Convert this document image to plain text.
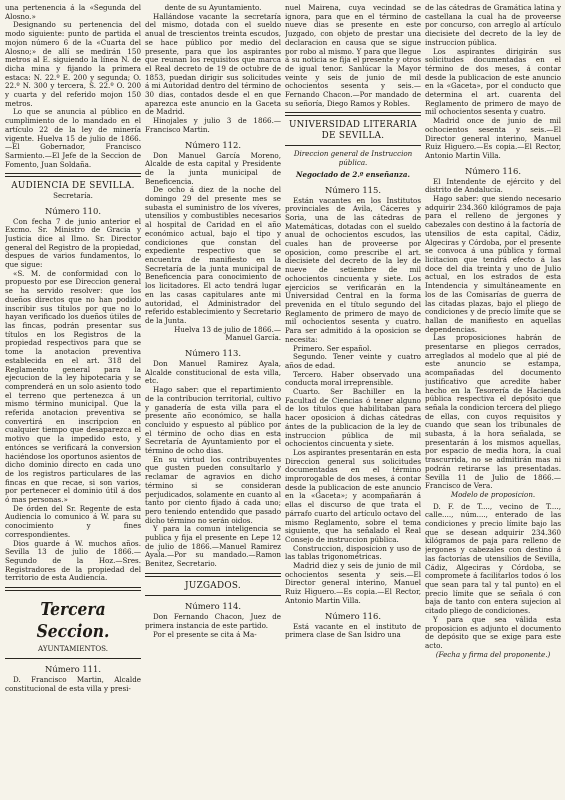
una pertenencia á la «Segunda del Alosno.»

Designando su pertenencia del modo siguiente: punto de partida el mojon número 6 de la «Cuarta del Alosno;» de allí se medirán 150 metros al E. siguiendo la línea N. de dicha mina y fijando la primera estaca: N. 22.º E. 200 y segunda; O. 22.º N. 300 y tercera, S. 22.º O. 200 y cuarta y del referido mojon 150 metros.

Lo que se anuncia al público en cumplimiento de lo mandado en el artículo 22 de la ley de minería vigente. Huelva 15 de julio de 1866.—El Gobernador, Francisco Sarmiento.—El Jefe de la Seccion de Fomento, Juan Soldaña.

AUDIENCIA DE SEVILLA.
Secretaría.
Número 110.

Con fecha 7 de junio anterior el Excmo. Sr. Ministro de Gracia y Justicia dice al Ilmo. Sr. Director general del Registro de la propiedad, despues de varios fundamentos, lo que sigue:

«S. M. de conformidad con lo propuesto por ese Direccion general se ha servido resolver: que los dueños directos que no han podido inscribir sus títulos por que no lo hayan verificado los dueños útiles de las fincas, podrán presentar sus títulos en los Registros de la propiedad respectivos para que se tome la anotacion preventiva establecida en el art. 318 del Reglamento general para la ejecucion de la ley hipotecaria y se comprenderá en un solo asiento todo el terreno que pertenezca á un mismo término municipal. Que la referida anotacion preventiva se convertirá en inscripcion en cualquier tiempo que desaparezca el motivo que la impedido esto, y entónces se verificará la conversion haciéndose los oportunos asientos de dicho dominio directo en cada uno de los registros particulares de las fincas en que recae, si son varios, por pertenecer el dominio útil á dos ó mas personas.»

De órden del Sr. Regente de esta Audiencia lo comunico á W. para su conocimiento y fines correspondientes.

Dios guarde á W. muchos años. Sevilla 13 de julio de 1866.—Segundo de la Hoz.—Sres. Registradores de la propiedad del territorio de esta Audiencia.

Tercera Seccion.
AYUNTAMIENTOS.
Número 111.

D. Francisco Martin, Alcalde constitucional de esta villa y presi-

dente de su Ayuntamiento.

Hallándose vacante la secretaría del mismo, dotada con el sueldo anual de trescientos treinta escudos, se hace público por medio del presente, para que los aspirantes que reunan los requisitos que marca el Real decreto de 19 de octubre de 1853, puedan dirigir sus solicitudes á mi Autoridad dentro del término de 30 dias, contados desde el en que aparezca este anuncio en la Gaceta de Madrid.

Hinojales y julio 3 de 1866.—Francisco Martin.

Número 112.

Don Manuel García Moreno, Alcalde de esta capital y Presidente de la junta municipal de Beneficencia.

De ocho á diez de la noche del domingo 29 del presente mes se subasta el suministro de los víveres, utensilios y combustibles necesarios al hospital de Caridad en el año económico actual, bajo el tipo y condiciones que constan del expediente respectivo que se encuentra de manifiesto en la Secretaría de la junta municipal de Beneficencia para conocimiento de los licitadores. El acto tendrá lugar en las casas capitulares ante mi autoridad, el Administrador del referido establecimiento y Secretario de la Junta.

Huelva 13 de julio de 1866.—Manuel García.

Número 113.

Don Manuel Ramirez Ayala, Alcalde constitucional de esta villa, etc.

Hago saber: que el repartimiento de la contribucion territorial, cultivo y ganadería de esta villa para el presente año económico, se halla concluido y espuesto al público por el término de ocho dias en esta Secretaría de Ayuntamiento por el término de ocho dias.

En su virtud los contribuyentes que gusten pueden consultarlo y reclamar de agravios en dicho término si se consideran perjudicados, solamente en cuanto al tanto por ciento fijado á cada uno; pero teniendo entendido que pasado dicho término no serán oidos.

Y para la comun inteligencia se publica y fija el presente en Lepe 12 de julio de 1866.—Manuel Ramirez Ayala.—Por su mandado.—Ramon Benitez, Secretario.

JUZGADOS.
Número 114.

Don Fernando Chacon, Juez de primera instancia de este partido.

Por el presente se cita á Ma-

nuel Mairena, cuya vecindad se ignora, para que en el término de nueve dias se presente en este Juzgado, con objeto de prestar una declaracion en causa que se sigue por robo al mismo. Y para que llegue á su noticia se fija el presente y otros de igual tenor. Sanlúcar la Mayor veinte y seis de junio de mil ochocientos sesenta y seis.—Fernando Chacon.—Por mandado de su señoría, Diego Ramos y Robles.

UNIVERSIDAD LITERARIA DE SEVILLA.
Direccion general de Instruccion pública.
Negociado de 2.º enseñanza.
Número 115.

Están vacantes en los Institutos provinciales de Avila, Cáceres y Soria, una de las cátedras de Matemáticas, dotadas con el sueldo anual de ochocientos escudos, las cuales han de proveerse por oposicion, como prescribe el art. diecisiete del decreto de la ley de nueve de setiembre de mil ochocientos cincuenta y siete. Los ejercicios se verificarán en la Universidad Central en la forma prevenida en el título segundo del Reglamento de primero de mayo de mil ochocientos sesenta y cuatro. Para ser admitido á la oposicion se necesita:

Primero. Ser español.

Segundo. Tener veinte y cuatro años de edad.

Tercero. Haber observado una conducta moral irreprensible.

Cuarto. Ser Bachiller en la Facultad de Ciencias ó tener alguno de los títulos que habilitaban para hacer oposicion á dichas cátedras ántes de la publicacion de la ley de instruccion pública de mil ochocientos cincuenta y siete.

Los aspirantes presentarán en esta Direccion general sus solicitudes documentadas en el término improrogable de dos meses, á contar desde la publicacion de este anuncio en la «Gaceta»; y acompañarán á ellas el discurso de que trata el párrafo cuarto del artículo octavo del mismo Reglamento, sobre el tema siguiente, que ha señalado el Real Consejo de instruccion pública.

Construccion, disposicion y uso de las tablas trigonométricas.

Madrid diez y seis de junio de mil ochocientos sesenta y seis.—El Director general interino, Manuel Ruiz Higuero.—Es copia.—El Rector, Antonio Martin Villa.

Número 116.

Está vacante en el instituto de primera clase de San Isidro una

de las cátedras de Gramática latina y castellana la cual ha de proveerse por concurso, con arreglo al artículo diecisiete del decreto de la ley de instruccion pública.

Los aspirantes dirigirán sus solicitudes documentadas en el término de dos meses, á contar desde la publicacion de este anuncio en la «Gaceta», por el conducto que determina el art. cuarenta del Reglamento de primero de mayo de mil ochocientos sesenta y cuatro.

Madrid once de junio de mil ochocientos sesenta y seis.—El Director general interino, Manuel Ruiz Higuero.—Es copia.—El Rector, Antonio Martin Villa.

Número 116.

El Intendente de ejército y del distrito de Andalucía.

Hago saber: que siendo necesario adquirir 234.360 kilógramos de paja para el relleno de jergones y cabezales con destino á la factoría de utensilios de esta capital, Cádiz, Algeciras y Córdoba, por el presente se convoca á una pública y formal licitacion que tendrá efecto á las doce del dia treinta y uno de Julio actual, en los estrados de esta Intendencia y simultáneamente en los de las Comisarías de guerra de las citadas plazas, bajo el pliego de condiciones y de precio límite que se hallan de manifiesto en aquellas dependencias.

Las proposiciones habrán de presentarse en pliegos cerrados, arreglados al modelo que al pié de este anuncio se estampa, acompañadas del documento justificativo que acredite haber hecho en la Tesorería de Hacienda pública respectiva el depósito que señala la condicion tercera del pliego de ellas, con cuyos requisitos y cuando que sean los tribunales de subasta, á la hora señalada, se presentarán á los mismos aquellas, por espacio de media hora, la cual trascurrida, no se admitirán mas ni podrán retirarse las presentadas. Sevilla 11 de Julio de 1866.—Francisco de Vera.

Modelo de proposicion.

D. F. de T...., vecino de T...., calle...., núm...., enterado de las condiciones y precio límite bajo las que se desean adquirir 234.360 kilógramos de paja para relleno de jergones y cabezales con destino á las factorías de utensilios de Sevilla, Cádiz, Algeciras y Córdoba, se compromete á facilitarlos todos ó los que sean para tal y tal punto) en el precio límite que se señala ó con baja de tanto con entera sujecion al citado pliego de condiciones.

Y para que sea válida esta proposicion es adjunto el documento de depósito que se exige para este acto.

(Fecha y firma del proponente.)
